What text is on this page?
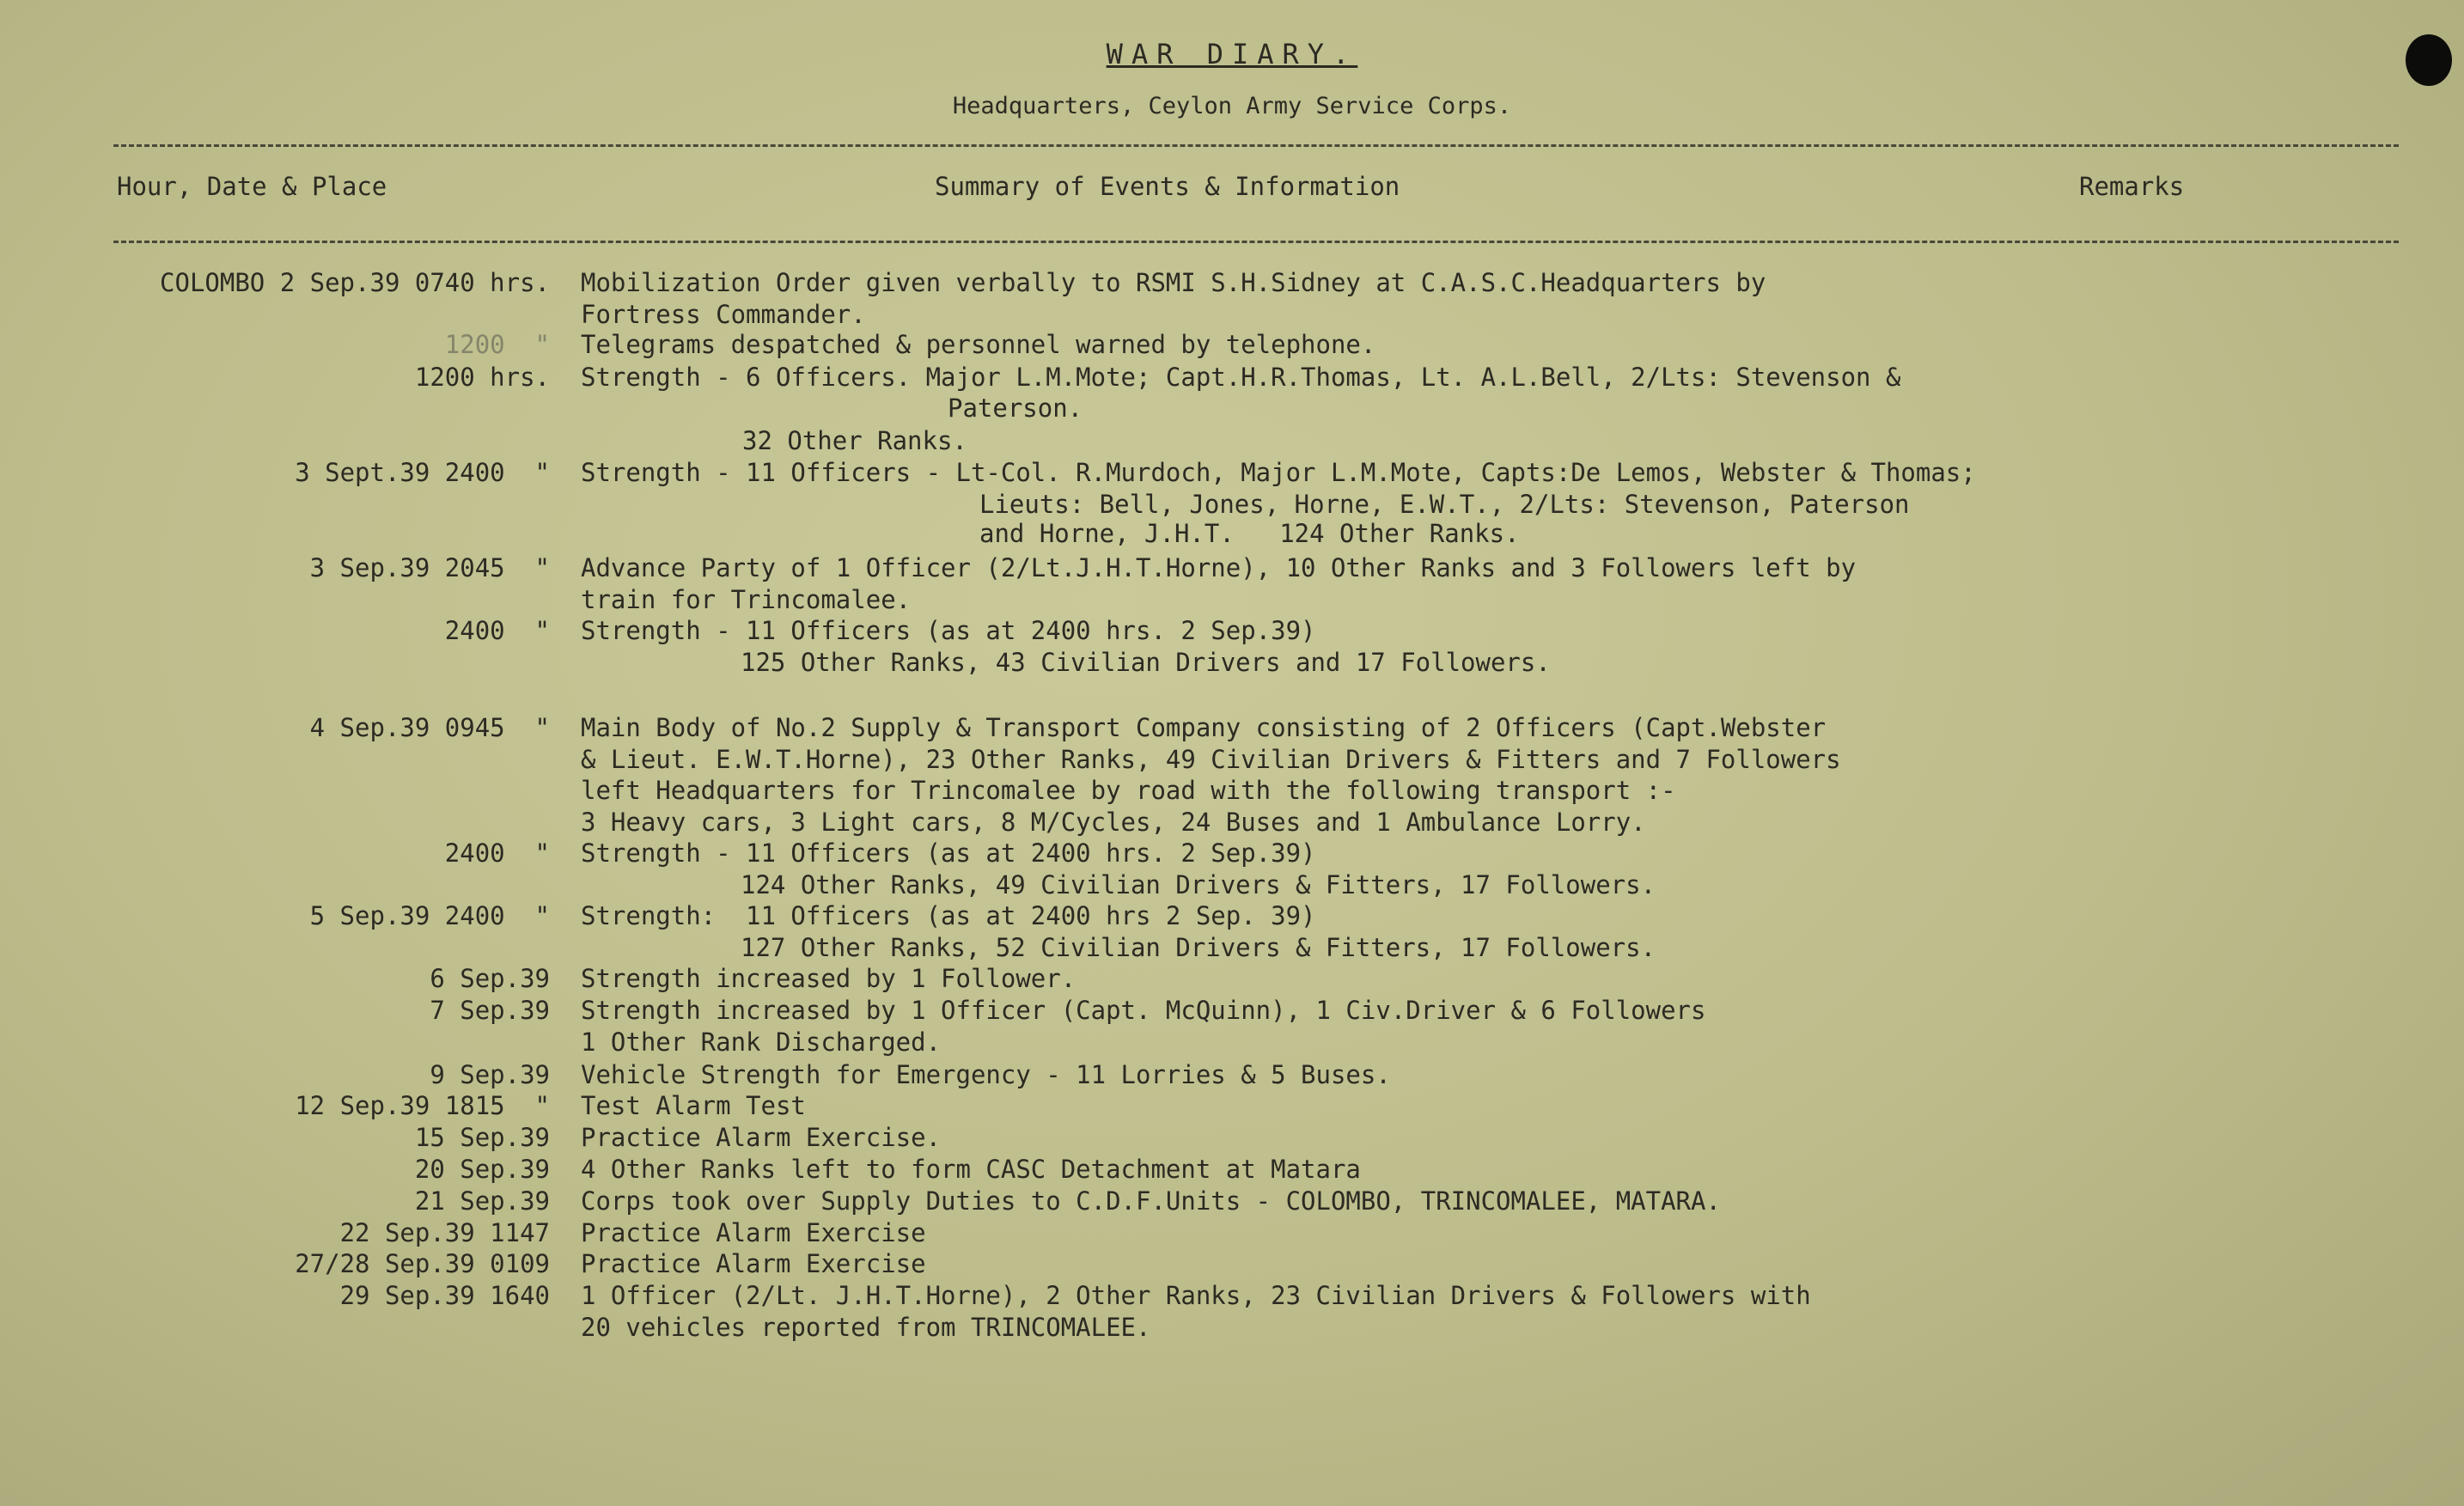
WAR DIARY.
Headquarters, Ceylon Army Service Corps.
Hour, Date & Place	Summary of Events & Information	Remarks
COLOMBO 2 Sep.39 0740 hrs. Mobilization Order given verbally to RSMI S.H.Sidney at C.A.S.C.Headquarters by
Fortress Commander.
1200  " Telegrams despatched & personnel warned by telephone.
1200 hrs. Strength - 6 Officers. Major L.M.Mote; Capt.H.R.Thomas, Lt. A.L.Bell, 2/Lts: Stevenson &
Paterson.
32 Other Ranks.
3 Sept.39 2400  " Strength - 11 Officers - Lt-Col. R.Murdoch, Major L.M.Mote, Capts:De Lemos, Webster & Thomas;
Lieuts: Bell, Jones, Horne, E.W.T., 2/Lts: Stevenson, Paterson
and Horne, J.H.T.   124 Other Ranks.
3 Sep.39 2045  " Advance Party of 1 Officer (2/Lt.J.H.T.Horne), 10 Other Ranks and 3 Followers left by
train for Trincomalee.
2400  " Strength - 11 Officers (as at 2400 hrs. 2 Sep.39)
125 Other Ranks, 43 Civilian Drivers and 17 Followers.
4 Sep.39 0945  " Main Body of No.2 Supply & Transport Company consisting of 2 Officers (Capt.Webster
& Lieut. E.W.T.Horne), 23 Other Ranks, 49 Civilian Drivers & Fitters and 7 Followers
left Headquarters for Trincomalee by road with the following transport :-
3 Heavy cars, 3 Light cars, 8 M/Cycles, 24 Buses and 1 Ambulance Lorry.
2400  " Strength - 11 Officers (as at 2400 hrs. 2 Sep.39)
124 Other Ranks, 49 Civilian Drivers & Fitters, 17 Followers.
5 Sep.39 2400  " Strength:  11 Officers (as at 2400 hrs 2 Sep. 39)
127 Other Ranks, 52 Civilian Drivers & Fitters, 17 Followers.
6 Sep.39 Strength increased by 1 Follower.
7 Sep.39 Strength increased by 1 Officer (Capt. McQuinn), 1 Civ.Driver & 6 Followers
1 Other Rank Discharged.
9 Sep.39 Vehicle Strength for Emergency - 11 Lorries & 5 Buses.
12 Sep.39 1815  " Test Alarm Test
15 Sep.39 Practice Alarm Exercise.
20 Sep.39 4 Other Ranks left to form CASC Detachment at Matara
21 Sep.39 Corps took over Supply Duties to C.D.F.Units - COLOMBO, TRINCOMALEE, MATARA.
22 Sep.39 1147 Practice Alarm Exercise
27/28 Sep.39 0109 Practice Alarm Exercise
29 Sep.39 1640 1 Officer (2/Lt. J.H.T.Horne), 2 Other Ranks, 23 Civilian Drivers & Followers with
20 vehicles reported from TRINCOMALEE.
